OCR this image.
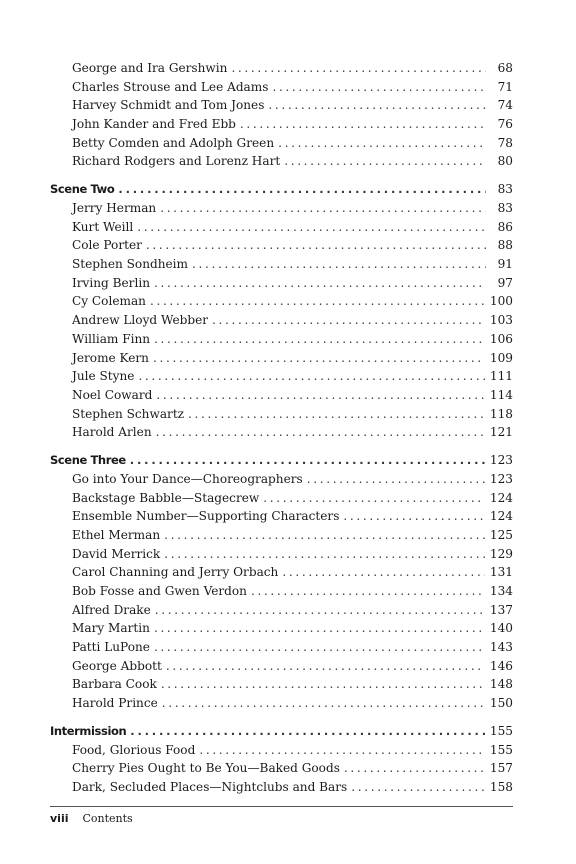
George and Ira Gershwin . . .	68
Charles Strouse and Lee Adams . . .	71
Harvey Schmidt and Tom Jones . . .	74
John Kander and Fred Ebb . . .	76
Betty Comden and Adolph Green . . .	78
Richard Rodgers and Lorenz Hart . . .	80
Scene Two . . .	83
Jerry Herman . . .	83
Kurt Weill . . .	86
Cole Porter . . .	88
Stephen Sondheim . . .	91
Irving Berlin . . .	97
Cy Coleman . . .	100
Andrew Lloyd Webber . . .	103
William Finn . . .	106
Jerome Kern . . .	109
Jule Styne . . .	111
Noel Coward . . .	114
Stephen Schwartz . . .	118
Harold Arlen . . .	121
Scene Three . . .	123
Go into Your Dance—Choreographers . . .	123
Backstage Babble—Stagecrew . . .	124
Ensemble Number—Supporting Characters . . .	124
Ethel Merman . . .	125
David Merrick . . .	129
Carol Channing and Jerry Orbach . . .	131
Bob Fosse and Gwen Verdon . . .	134
Alfred Drake . . .	137
Mary Martin . . .	140
Patti LuPone . . .	143
George Abbott . . .	146
Barbara Cook . . .	148
Harold Prince . . .	150
Intermission . . .	155
Food, Glorious Food . . .	155
Cherry Pies Ought to Be You—Baked Goods . . .	157
Dark, Secluded Places—Nightclubs and Bars . . .	158
viii Contents
